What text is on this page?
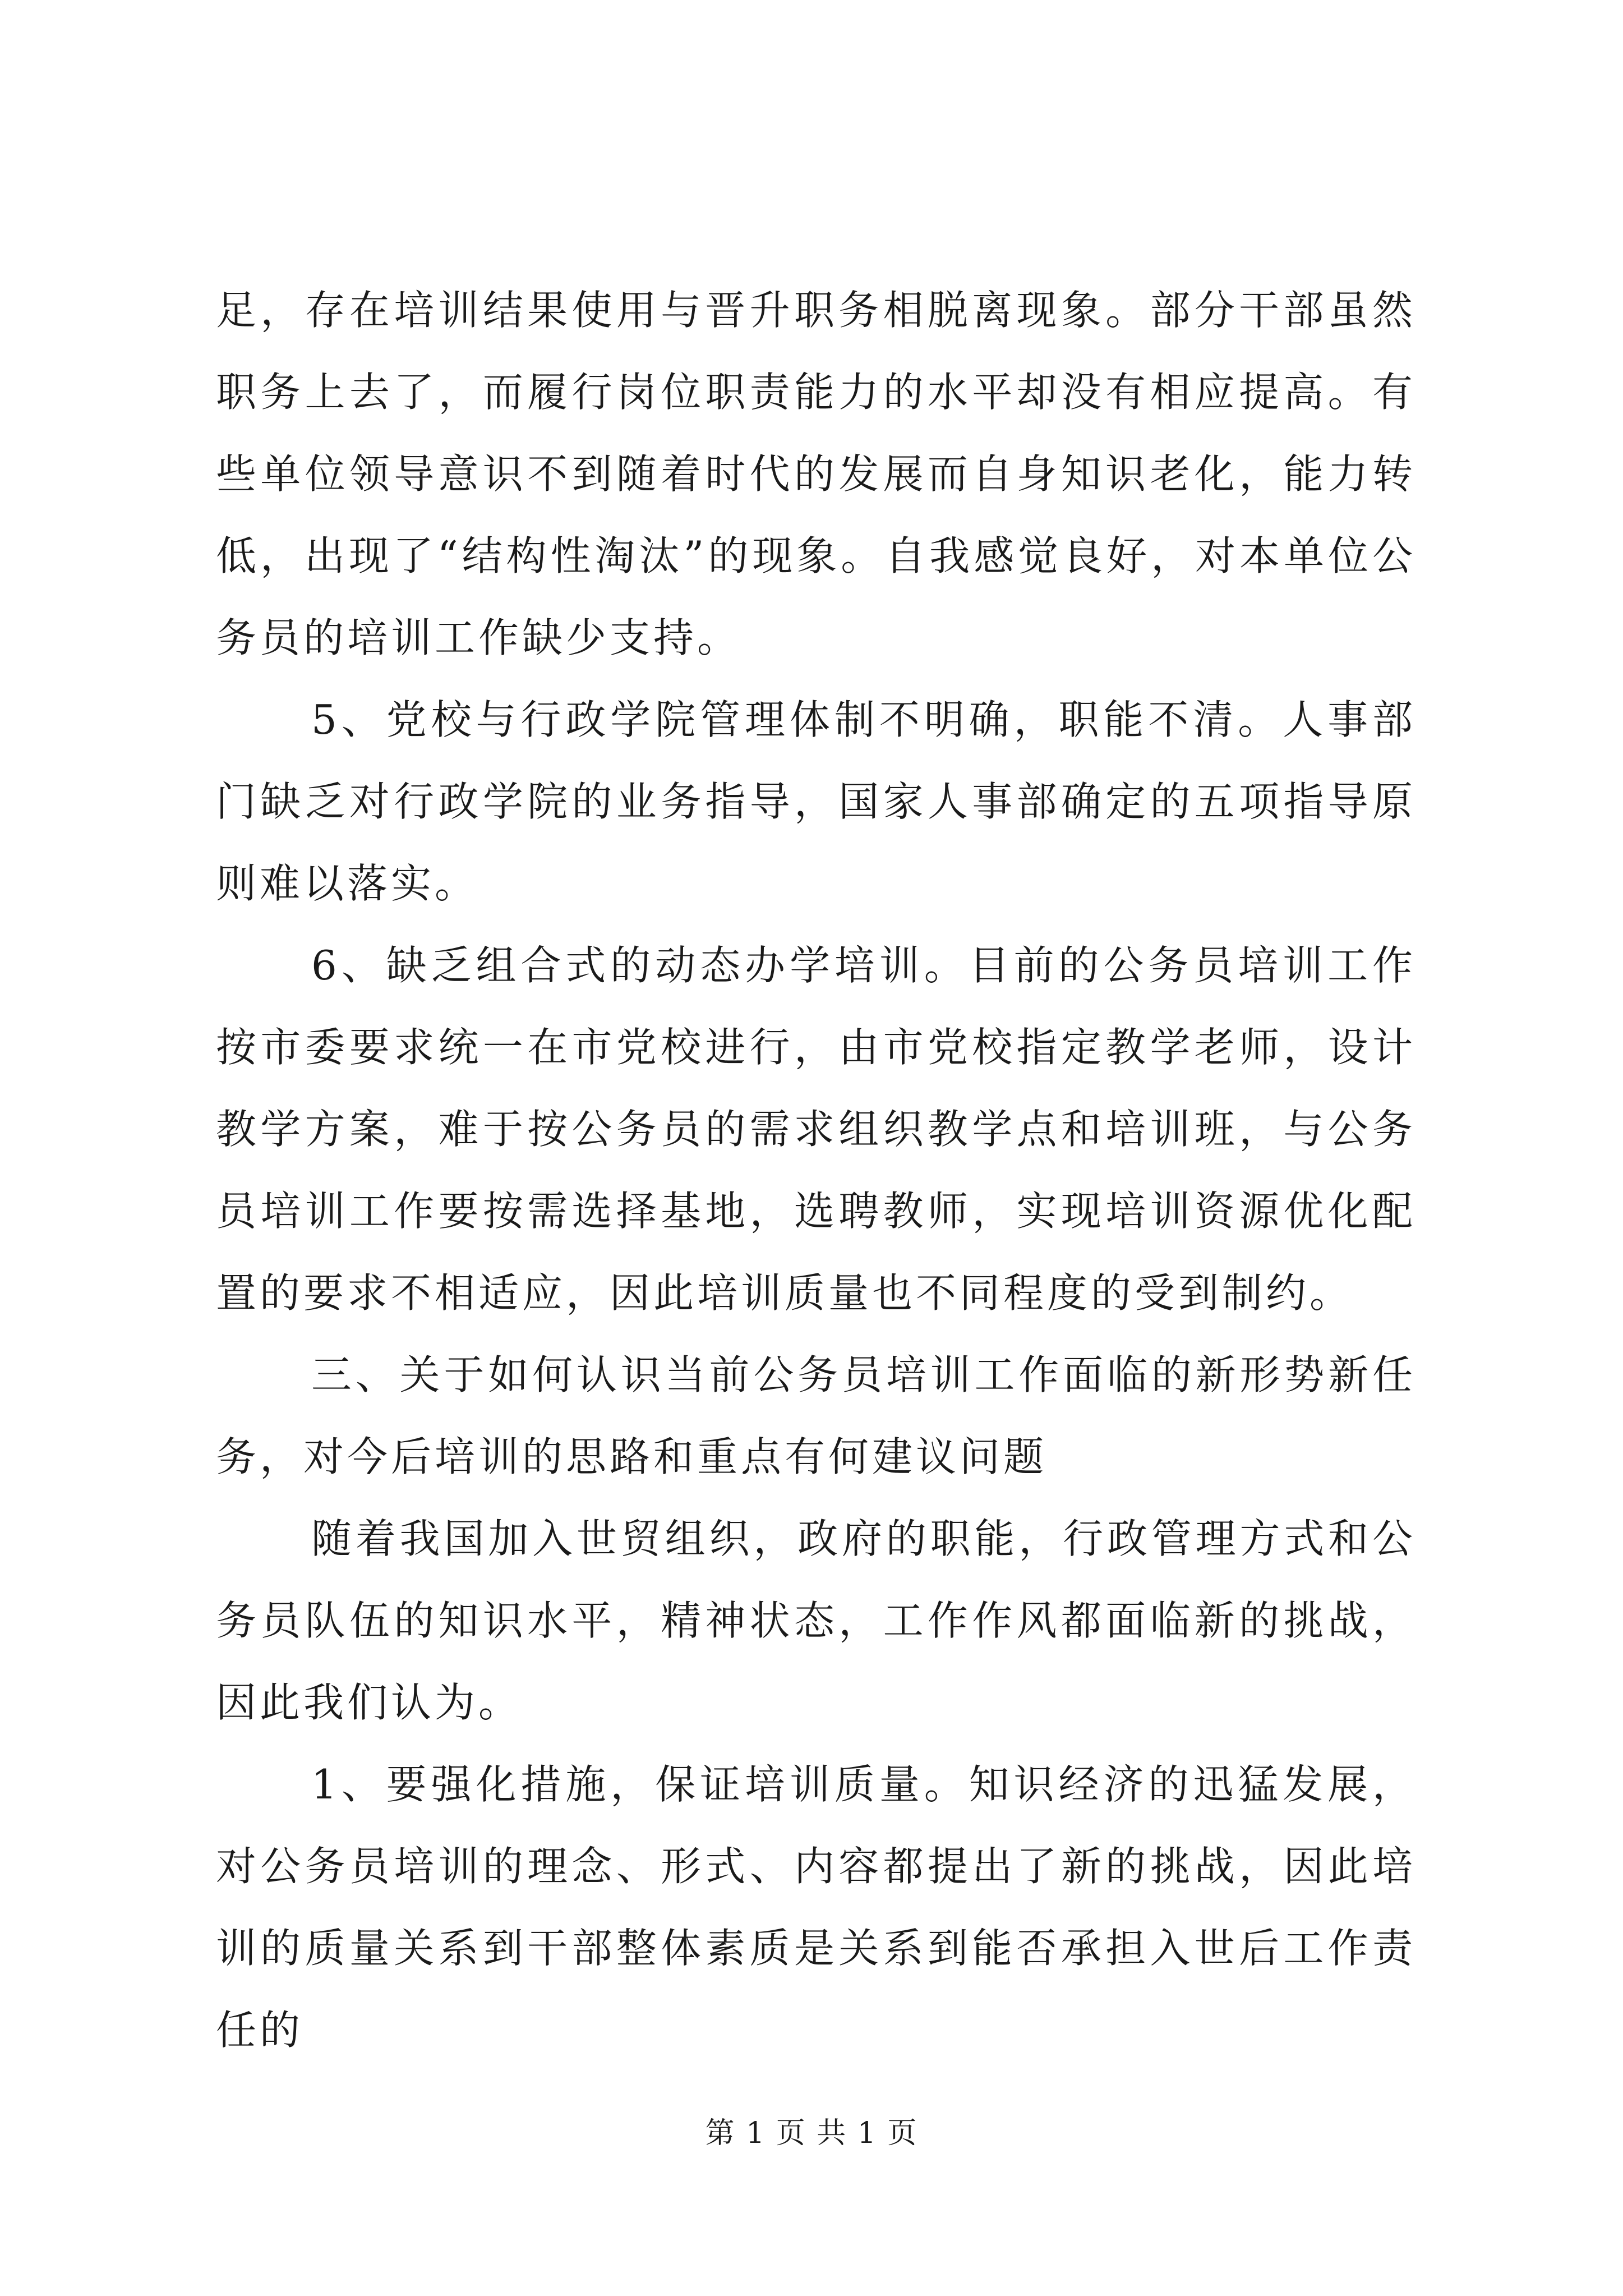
足，存在培训结果使用与晋升职务相脱离现象。部分干部虽然职务上去了，而履行岗位职责能力的水平却没有相应提高。有些单位领导意识不到随着时代的发展而自身知识老化，能力转低，出现了“结构性淘汰”的现象。自我感觉良好，对本单位公务员的培训工作缺少支持。

5、党校与行政学院管理体制不明确，职能不清。人事部门缺乏对行政学院的业务指导，国家人事部确定的五项指导原则难以落实。

6、缺乏组合式的动态办学培训。目前的公务员培训工作按市委要求统一在市党校进行，由市党校指定教学老师，设计教学方案，难于按公务员的需求组织教学点和培训班，与公务员培训工作要按需选择基地，选聘教师，实现培训资源优化配置的要求不相适应，因此培训质量也不同程度的受到制约。

三、关于如何认识当前公务员培训工作面临的新形势新任务，对今后培训的思路和重点有何建议问题

随着我国加入世贸组织，政府的职能，行政管理方式和公务员队伍的知识水平，精神状态，工作作风都面临新的挑战，因此我们认为。

1、要强化措施，保证培训质量。知识经济的迅猛发展，对公务员培训的理念、形式、内容都提出了新的挑战，因此培训的质量关系到干部整体素质是关系到能否承担入世后工作责任的

第 1 页 共 1 页
